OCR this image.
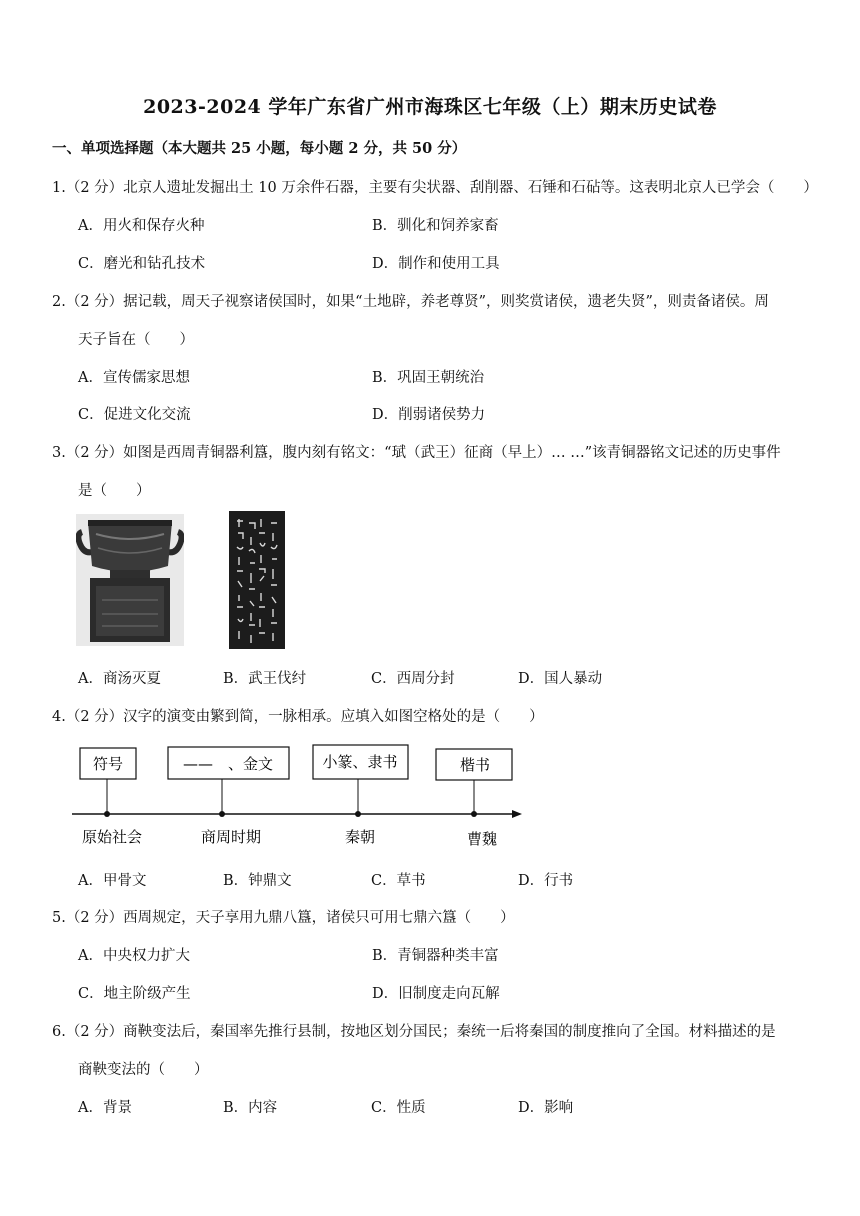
2023-2024 学年广东省广州市海珠区七年级（上）期末历史试卷
一、单项选择题（本大题共 25 小题，每小题 2 分，共 50 分）
1.（2 分）北京人遗址发掘出土 10 万余件石器，主要有尖状器、刮削器、石锤和石砧等。这表明北京人已学会（　　）
A．用火和保存火种	B．驯化和饲养家畜
C．磨光和钻孔技术	D．制作和使用工具
2.（2 分）据记载，周天子视察诸侯国时，如果“土地辟，养老尊贤”，则奖赏诸侯，遗老失贤”，则责备诸侯。周
天子旨在（　　）
A．宣传儒家思想	B．巩固王朝统治
C．促进文化交流	D．削弱诸侯势力
3.（2 分）如图是西周青铜器利簋，腹内刻有铭文：“珷（武王）征商（早上）… …”该青铜器铭文记述的历史事件
是（　　）
A．商汤灭夏	B．武王伐纣	C．西周分封	D．国人暴动
4.（2 分）汉字的演变由繁到简，一脉相承。应填入如图空格处的是（　　）
符号	——　、金文	小篆、隶书	楷书
原始社会	商周时期	秦朝	曹魏
A．甲骨文	B．钟鼎文	C．草书	D．行书
5.（2 分）西周规定，天子享用九鼎八簋，诸侯只可用七鼎六簋（　　）
A．中央权力扩大	B．青铜器种类丰富
C．地主阶级产生	D．旧制度走向瓦解
6.（2 分）商鞅变法后，秦国率先推行县制，按地区划分国民；秦统一后将秦国的制度推向了全国。材料描述的是
商鞅变法的（　　）
A．背景	B．内容	C．性质	D．影响
